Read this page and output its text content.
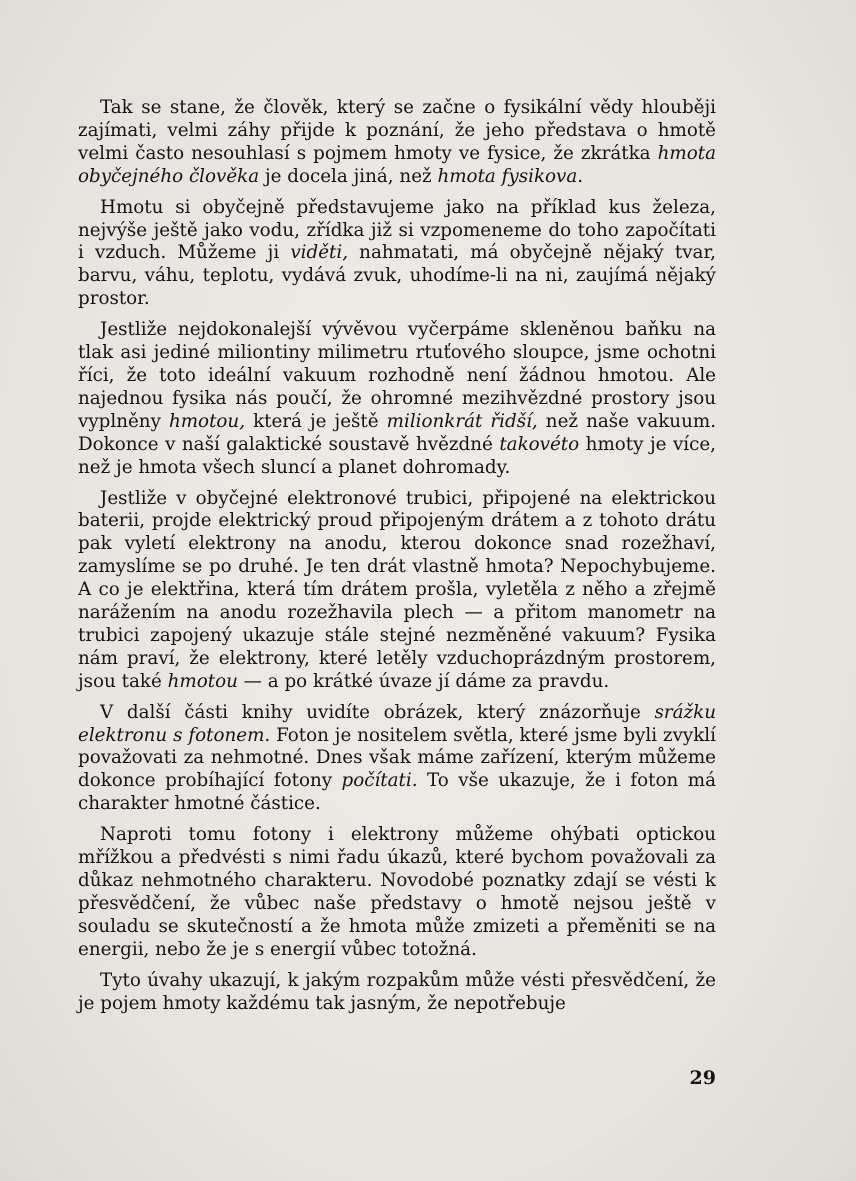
Tak se stane, že člověk, který se začne o fysikální vědy hlouběji zajímati, velmi záhy přijde k poznání, že jeho představa o hmotě velmi často nesouhlasí s pojmem hmoty ve fysice, že zkrátka hmota obyčejného člověka je docela jiná, než hmota fysikova.

Hmotu si obyčejně představujeme jako na příklad kus železa, nejvýše ještě jako vodu, zřídka již si vzpomeneme do toho započítati i vzduch. Můžeme ji viděti, nahmatati, má obyčejně nějaký tvar, barvu, váhu, teplotu, vydává zvuk, uhodíme-li na ni, zaujímá nějaký prostor.

Jestliže nejdokonalejší vývěvou vyčerpáme skleněnou baňku na tlak asi jediné miliontiny milimetru rtuťového sloupce, jsme ochotni říci, že toto ideální vakuum rozhodně není žádnou hmotou. Ale najednou fysika nás poučí, že ohromné mezihvězdné prostory jsou vyplněny hmotou, která je ještě milionkrát řidší, než naše vakuum. Dokonce v naší galaktické soustavě hvězdné takovéto hmoty je více, než je hmota všech sluncí a planet dohromady.

Jestliže v obyčejné elektronové trubici, připojené na elektrickou baterii, projde elektrický proud připojeným drátem a z tohoto drátu pak vyletí elektrony na anodu, kterou dokonce snad rozežhaví, zamyslíme se po druhé. Je ten drát vlastně hmota? Nepochybujeme. A co je elektřina, která tím drátem prošla, vyletěla z něho a zřejmě narážením na anodu rozežhavila plech — a přitom manometr na trubici zapojený ukazuje stále stejné nezměněné vakuum? Fysika nám praví, že elektrony, které letěly vzduchoprázdným prostorem, jsou také hmotou — a po krátké úvaze jí dáme za pravdu.

V další části knihy uvidíte obrázek, který znázorňuje srážku elektronu s fotonem. Foton je nositelem světla, které jsme byli zvyklí považovati za nehmotné. Dnes však máme zařízení, kterým můžeme dokonce probíhající fotony počítati. To vše ukazuje, že i foton má charakter hmotné částice.

Naproti tomu fotony i elektrony můžeme ohýbati optickou mřížkou a předvésti s nimi řadu úkazů, které bychom považovali za důkaz nehmotného charakteru. Novodobé poznatky zdají se vésti k přesvědčení, že vůbec naše představy o hmotě nejsou ještě v souladu se skutečností a že hmota může zmizeti a přeměniti se na energii, nebo že je s energií vůbec totožná.

Tyto úvahy ukazují, k jakým rozpakům může vésti přesvědčení, že je pojem hmoty každému tak jasným, že nepotřebuje

29
